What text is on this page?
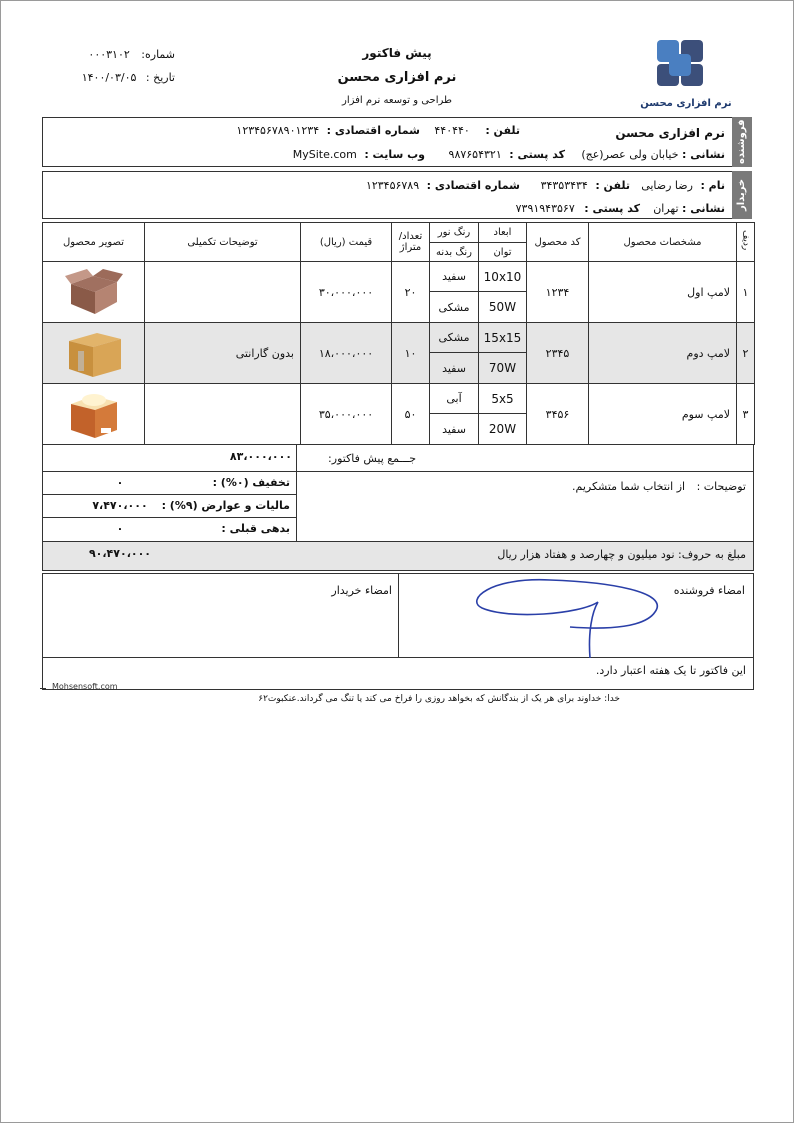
شماره: ۰۰۰۳۱۰۲
تاریخ : ۱۴۰۰/۰۳/۰۵
پیش فاکتور
نرم افزاری محسن
طراحی و توسعه نرم افزار	نرم افزاری محسن
فروشنده
نرم افزاری محسن
تلفن : ۴۴۰۴۴۰
شماره اقتصادی : ۱۲۳۴۵۶۷۸۹۰۱۲۳۴
نشانی : خیابان ولی عصر(عج)
کد پستی : ۹۸۷۶۵۴۳۲۱
وب سایت : MySite.com
خریدار
نام : رضا رضایی
تلفن : ۳۴۳۵۳۴۳۴
شماره اقتصادی : ۱۲۳۴۵۶۷۸۹
نشانی : تهران
کد پستی : ۷۳۹۱۹۴۳۵۶۷
ردیف	مشخصات محصول	کد محصول	ابعاد	رنگ نور	تعداد/ متراژ	قیمت (ریال)	توضیحات تکمیلی	تصویر محصول
			توان	رنگ بدنه				
۱	لامپ اول	۱۲۳۴	10x10	سفید	۲۰	۳۰،۰۰۰،۰۰۰		

			50W	مشکی				
۲	لامپ دوم	۲۳۴۵	15x15	مشکی	۱۰	۱۸،۰۰۰،۰۰۰	بدون گارانتی	

			70W	سفید				
۳	لامپ سوم	۳۴۵۶	5x5	آبی	۵۰	۳۵،۰۰۰،۰۰۰		

			20W	سفید				
جـــمع پیش فاکتور:
۸۳،۰۰۰،۰۰۰
تخفیف (۰%) :
۰
مالیات و عوارض (۹%) :
۷،۴۷۰،۰۰۰
بدهی قبلی :
۰
توضیحات : از انتخاب شما متشکریم.
مبلغ به حروف: نود میلیون و چهارصد و هفتاد هزار ریال
۹۰،۴۷۰،۰۰۰
امضاء فروشنده
امضاء خریدار
این فاکتور تا یک هفته اعتبار دارد.
Mohsensoft.com
خدا: خداوند برای هر یک از بندگانش که بخواهد روزی را فراخ می کند یا تنگ می گرداند.عنکبوت۶۲
